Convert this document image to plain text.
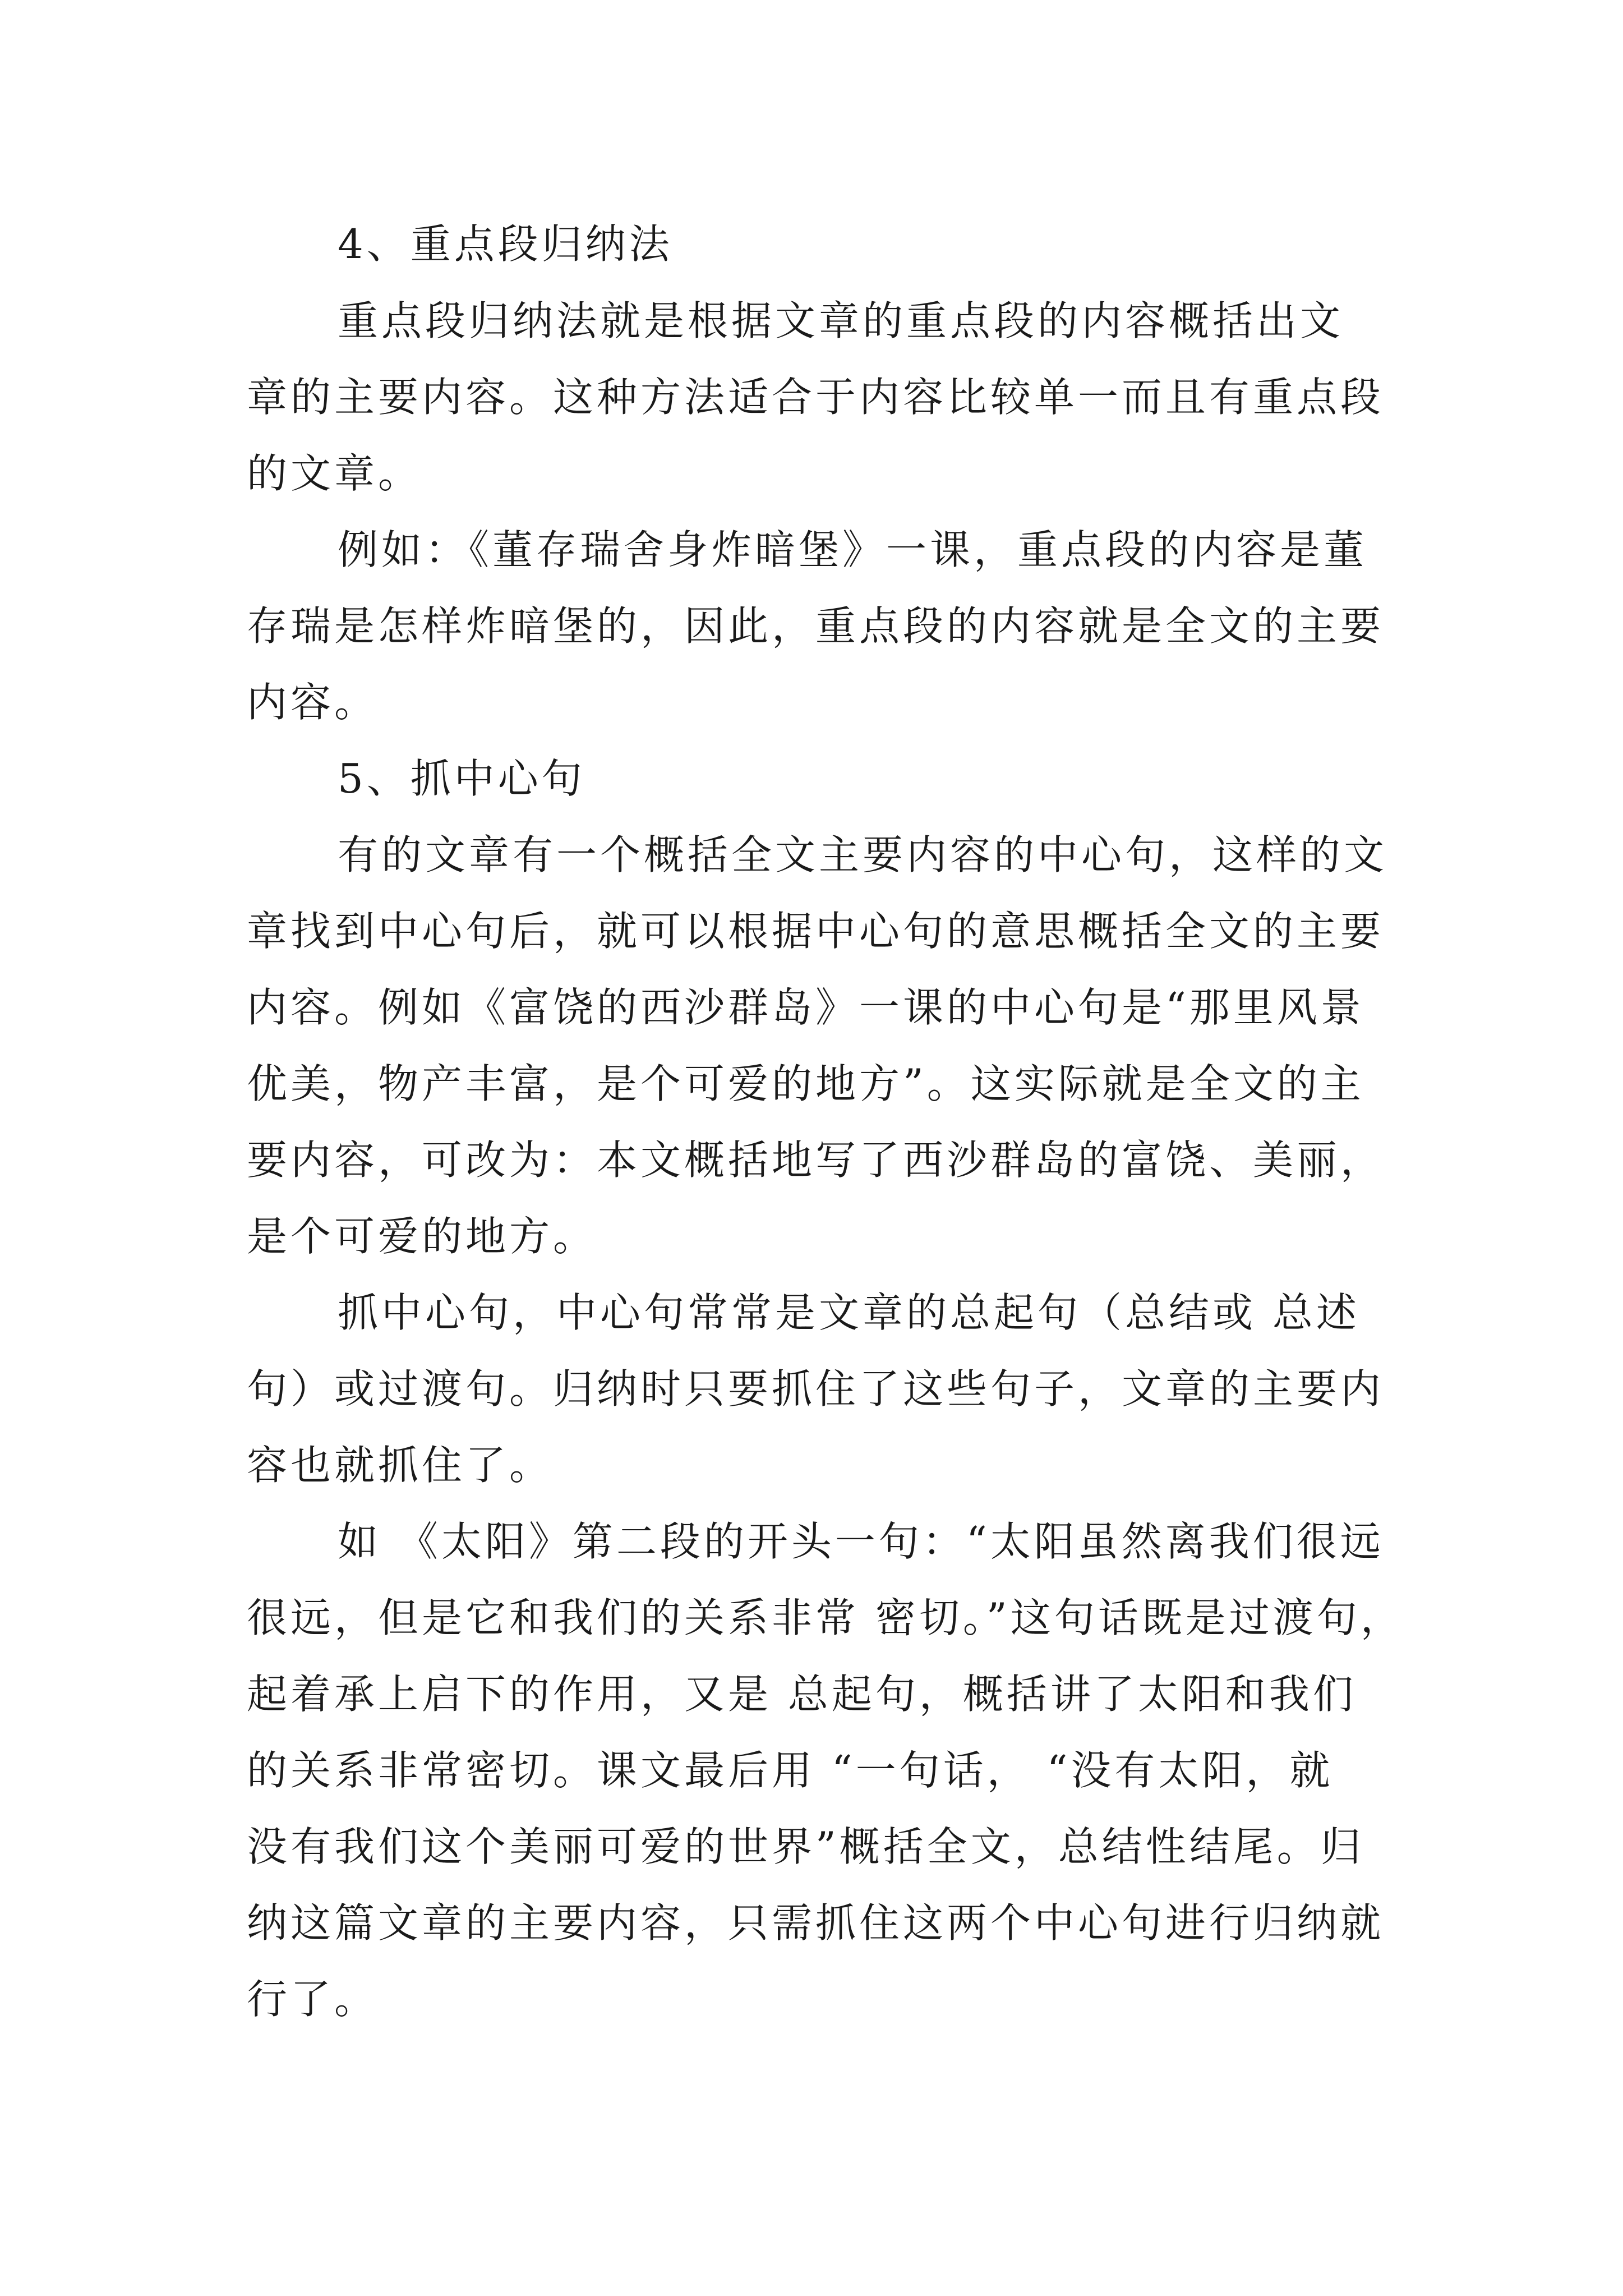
4、重点段归纳法
重点段归纳法就是根据文章的重点段的内容概括出文
章的主要内容。这种方法适合于内容比较单一而且有重点段
的文章。
例如：《董存瑞舍身炸暗堡》一课，重点段的内容是董
存瑞是怎样炸暗堡的，因此，重点段的内容就是全文的主要
内容。
5、抓中心句
有的文章有一个概括全文主要内容的中心句，这样的文
章找到中心句后，就可以根据中心句的意思概括全文的主要
内容。例如《富饶的西沙群岛》一课的中心句是“那里风景
优美，物产丰富，是个可爱的地方”。这实际就是全文的主
要内容，可改为：本文概括地写了西沙群岛的富饶、美丽，
是个可爱的地方。
抓中心句，中心句常常是文章的总起句（总结或 总述
句）或过渡句。归纳时只要抓住了这些句子，文章的主要内
容也就抓住了。
如 《太阳》第二段的开头一句：“太阳虽然离我们很远
很远，但是它和我们的关系非常 密切。”这句话既是过渡句，
起着承上启下的作用，又是 总起句，概括讲了太阳和我们
的关系非常密切。课文最后用 “一句话， “没有太阳，就
没有我们这个美丽可爱的世界”概括全文，总结性结尾。归
纳这篇文章的主要内容，只需抓住这两个中心句进行归纳就
行了。
